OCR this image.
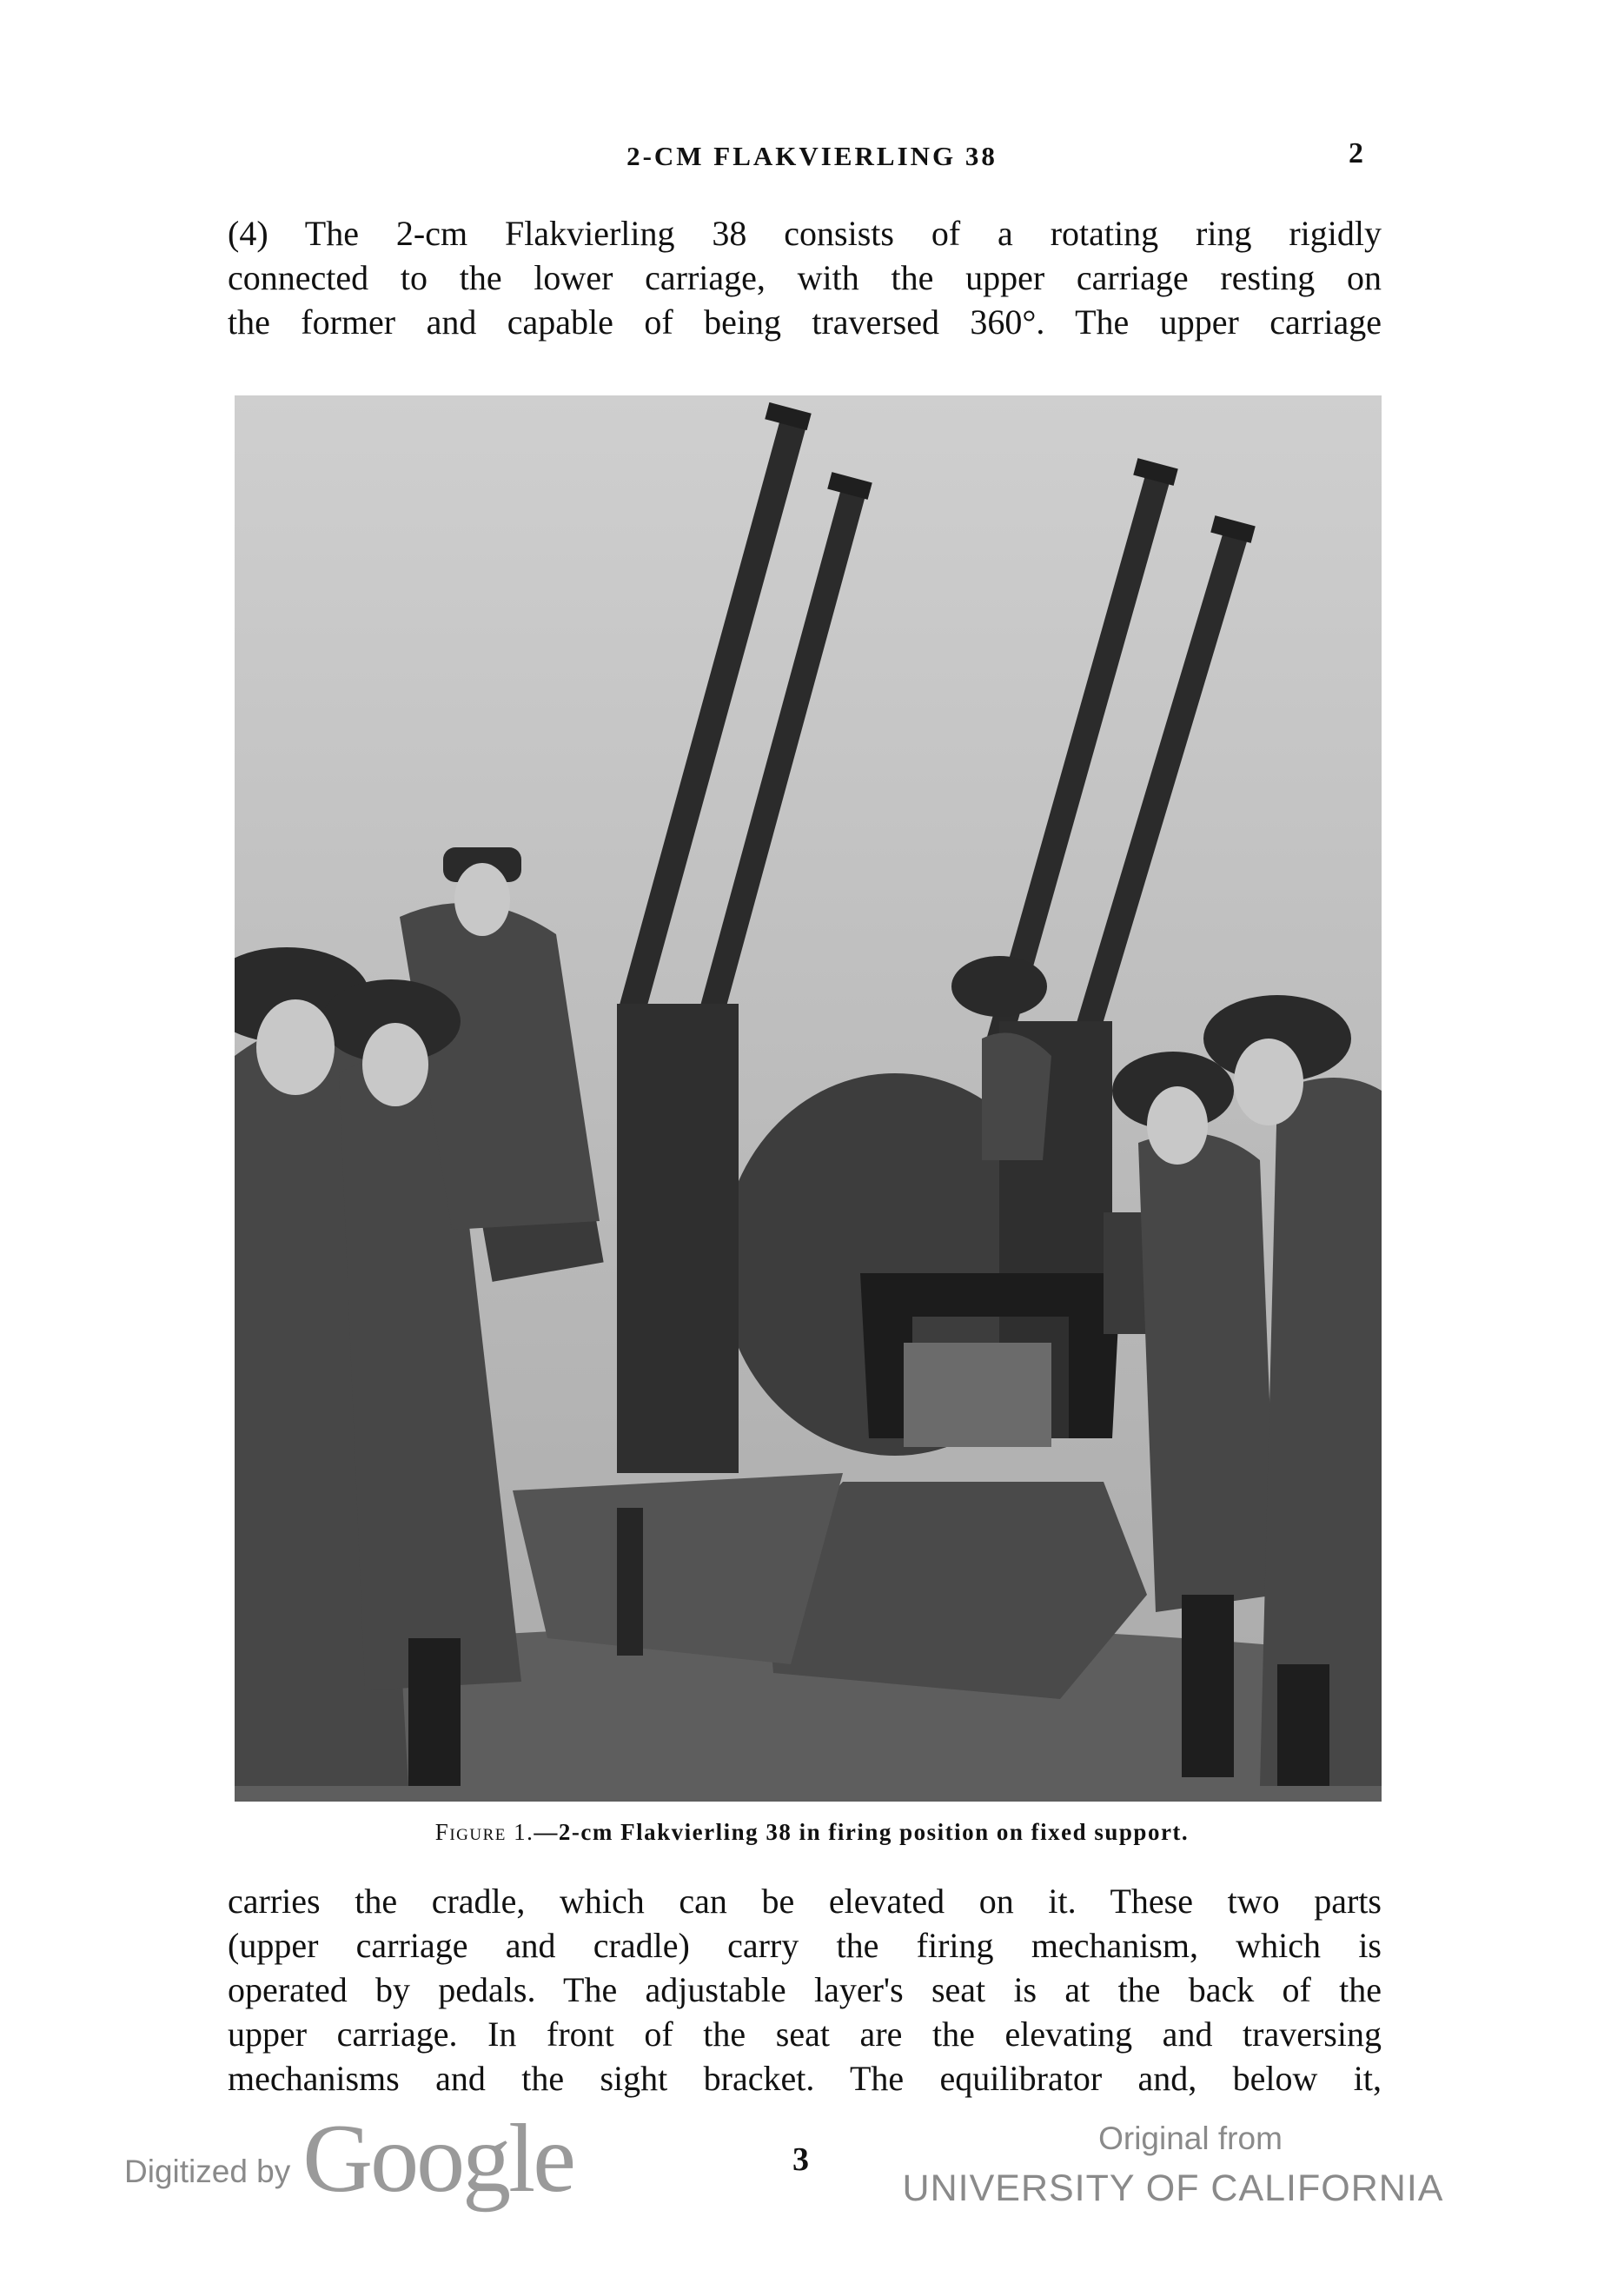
2-CM FLAKVIERLING 38	2

(4) The 2-cm Flakvierling 38 consists of a rotating ring rigidly
connected to the lower carriage, with the upper carriage resting on
the former and capable of being traversed 360°. The upper carriage

Figure 1.—2-cm Flakvierling 38 in firing position on fixed support.

carries the cradle, which can be elevated on it. These two parts
(upper carriage and cradle) carry the firing mechanism, which is
operated by pedals. The adjustable layer's seat is at the back of the
upper carriage. In front of the seat are the elevating and traversing
mechanisms and the sight bracket. The equilibrator and, below it,

Digitized by Google	3
Original from
UNIVERSITY OF CALIFORNIA
